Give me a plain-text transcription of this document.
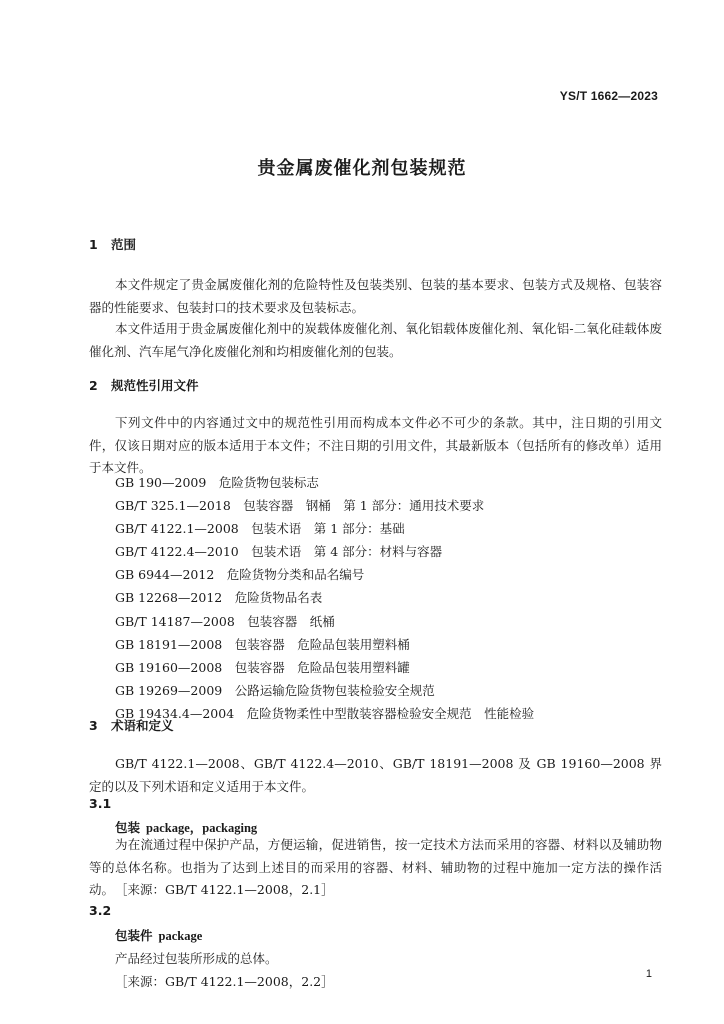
YS/T 1662—2023
贵金属废催化剂包装规范
1 范围
本文件规定了贵金属废催化剂的危险特性及包装类别、包装的基本要求、包装方式及规格、包装容器的性能要求、包装封口的技术要求及包装标志。
本文件适用于贵金属废催化剂中的炭载体废催化剂、氧化铝载体废催化剂、氧化铝-二氧化硅载体废催化剂、汽车尾气净化废催化剂和均相废催化剂的包装。
2 规范性引用文件
下列文件中的内容通过文中的规范性引用而构成本文件必不可少的条款。其中，注日期的引用文件，仅该日期对应的版本适用于本文件；不注日期的引用文件，其最新版本（包括所有的修改单）适用于本文件。
GB 190—2009　危险货物包装标志
GB/T 325.1—2018　包装容器　钢桶　第 1 部分：通用技术要求
GB/T 4122.1—2008　包装术语　第 1 部分：基础
GB/T 4122.4—2010　包装术语　第 4 部分：材料与容器
GB 6944—2012　危险货物分类和品名编号
GB 12268—2012　危险货物品名表
GB/T 14187—2008　包装容器　纸桶
GB 18191—2008　包装容器　危险品包装用塑料桶
GB 19160—2008　包装容器　危险品包装用塑料罐
GB 19269—2009　公路运输危险货物包装检验安全规范
GB 19434.4—2004　危险货物柔性中型散装容器检验安全规范　性能检验
3 术语和定义
GB/T 4122.1—2008、GB/T 4122.4—2010、GB/T 18191—2008 及 GB 19160—2008 界定的以及下列术语和定义适用于本文件。
3.1
包装 package，packaging
为在流通过程中保护产品，方便运输，促进销售，按一定技术方法而采用的容器、材料以及辅助物等的总体名称。也指为了达到上述目的而采用的容器、材料、辅助物的过程中施加一定方法的操作活动。 ［来源：GB/T 4122.1—2008，2.1］
3.2
包装件 package
产品经过包装所形成的总体。
［来源：GB/T 4122.1—2008，2.2］	1
